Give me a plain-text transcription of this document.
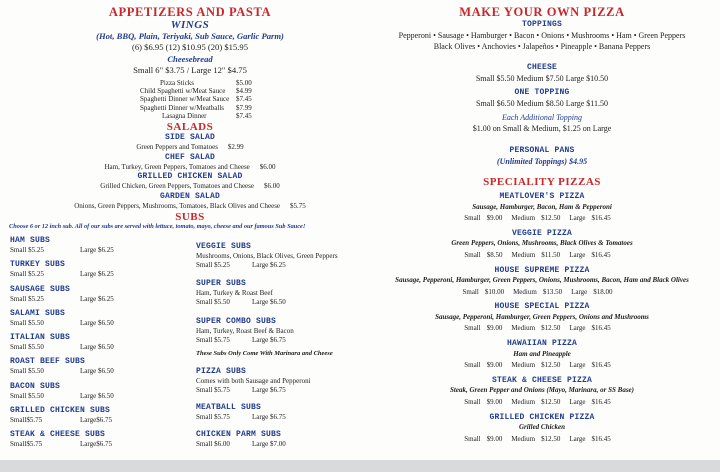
APPETIZERS AND PASTA
WINGS
(Hot, BBQ, Plain, Teriyaki, Sub Sauce, Garlic Parm)
(6) $6.95 (12) $10.95 (20) $15.95
Cheesebread
Small 6" $3.75 / Large 12" $4.75
Pizza Sticks	$5.00
Child Spaghetti w/Meat Sauce $4.99
Spaghetti Dinner w/Meat Sauce $7.45
Spaghetti Dinner w/Meatballs $7.99
Lasagna Dinner	$7.45
SALADS
SIDE SALAD
Green Peppers and Tomatoes $2.99
CHEF SALAD
Ham, Turkey, Green Peppers, Tomatoes and Cheese $6.00
GRILLED CHICKEN SALAD
Grilled Chicken, Green Peppers, Tomatoes and Cheese $6.00
GARDEN SALAD
Onions, Green Peppers, Mushrooms, Tomatoes, Black Olives and Cheese $5.75
SUBS
Choose 6 or 12 inch sub. All of our subs are served with lettuce, tomato, mayo, cheese and our famous Sub Sauce!
HAM SUBS
Small $5.25	Large $6.25
TURKEY SUBS
Small $5.25	Large $6.25
SAUSAGE SUBS
Small $5.25	Large $6.25
SALAMI SUBS
Small $5.50	Large $6.50
ITALIAN SUBS
Small $5.50	Large $6.50
ROAST BEEF SUBS
Small $5.50	Large $6.50
BACON SUBS
Small $5.50	Large $6.50
GRILLED CHICKEN SUBS
Small$5.75	Large$6.75
STEAK & CHEESE SUBS
Small$5.75	Large$6.75
VEGGIE SUBS
Mushrooms, Onions, Black Olives, Green Peppers
Small $5.25	Large $6.25
SUPER SUBS
Ham, Turkey & Roast Beef
Small $5.50	Large $6.50
SUPER COMBO SUBS
Ham, Turkey, Roast Beef & Bacon
Small $5.75	Large $6.75
These Subs Only Come With Marinara and Cheese
PIZZA SUBS
Comes with both Sausage and Pepperoni
Small $5.75	Large $6.75
MEATBALL SUBS
Small $5.75	Large $6.75
CHICKEN PARM SUBS
Small $6.00	Large $7.00
MAKE YOUR OWN PIZZA
TOPPINGS
Pepperoni • Sausage • Hamburger • Bacon • Onions • Mushrooms • Ham • Green Peppers
Black Olives • Anchovies • Jalapeños • Pineapple • Banana Peppers
CHEESE
Small $5.50 Medium $7.50 Large $10.50
ONE TOPPING
Small $6.50 Medium $8.50 Large $11.50
Each Additional Topping
$1.00 on Small & Medium, $1.25 on Large
PERSONAL PANS
(Unlimited Toppings) $4.95
SPECIALITY PIZZAS
MEATLOVER'S PIZZA
Sausage, Hamburger, Bacon, Ham & Pepperoni
Small $9.00 Medium $12.50 Large $16.45
VEGGIE PIZZA
Green Peppers, Onions, Mushrooms, Black Olives & Tomatoes
Small $8.50 Medium $11.50 Large $16.45
HOUSE SUPREME PIZZA
Sausage, Pepperoni, Hamburger, Green Peppers, Onions, Mushrooms, Bacon, Ham and Black Olives
Small $10.00 Medium $13.50 Large $18.00
HOUSE SPECIAL PIZZA
Sausage, Pepperoni, Hamburger, Green Peppers, Onions and Mushrooms
Small $9.00 Medium $12.50 Large $16.45
HAWAIIAN PIZZA
Ham and Pineapple
Small $9.00 Medium $12.50 Large $16.45
STEAK & CHEESE PIZZA
Steak, Green Pepper and Onions (Mayo, Marinara, or SS Base)
Small $9.00 Medium $12.50 Large $16.45
GRILLED CHICKEN PIZZA
Grilled Chicken
Small $9.00 Medium $12.50 Large $16.45
